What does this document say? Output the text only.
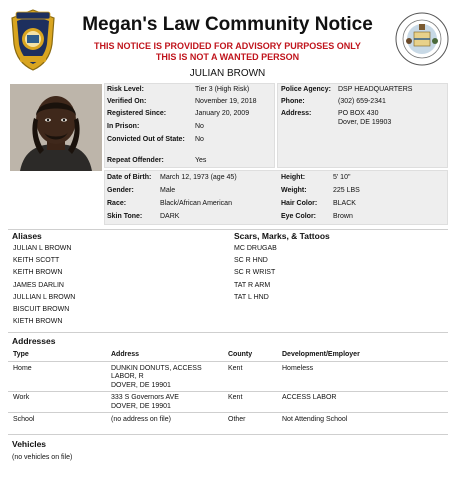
Megan's Law Community Notice
THIS NOTICE IS PROVIDED FOR ADVISORY PURPOSES ONLY
THIS IS NOT A WANTED PERSON
JULIAN BROWN
Risk Level:	Tier 3 (High Risk)
Verified On:	November 19, 2018
Registered Since:	January 20, 2009
In Prison:	No
Convicted Out of State: No
Repeat Offender:	Yes
Police Agency: DSP HEADQUARTERS
Phone:	(302) 659-2341
Address:	PO BOX 430
Dover, DE 19903
Date of Birth: March 12, 1973 (age 45)
Gender:	Male
Race:	Black/African American
Skin Tone:	DARK
Height:	5' 10"
Weight:	225 LBS
Hair Color: BLACK
Eye Color: Brown
Aliases
JULIAN L BROWN
KEITH SCOTT
KEITH BROWN
JAMES DARLIN
JULLIAN L BROWN
BISCUIT BROWN
KIETH BROWN
Scars, Marks, & Tattoos
MC DRUGAB
SC R HND
SC R WRIST
TAT R ARM
TAT L HND
Addresses
Type	Address	County	Development/Employer
Home	DUNKIN DONUTS, ACCESS
LABOR, R
DOVER, DE 19901
Kent	Homeless
Work	333 S Governors AVE
DOVER, DE 19901
Kent	ACCESS LABOR
School	(no address on file)	Other	Not Attending School
Vehicles
(no vehicles on file)
